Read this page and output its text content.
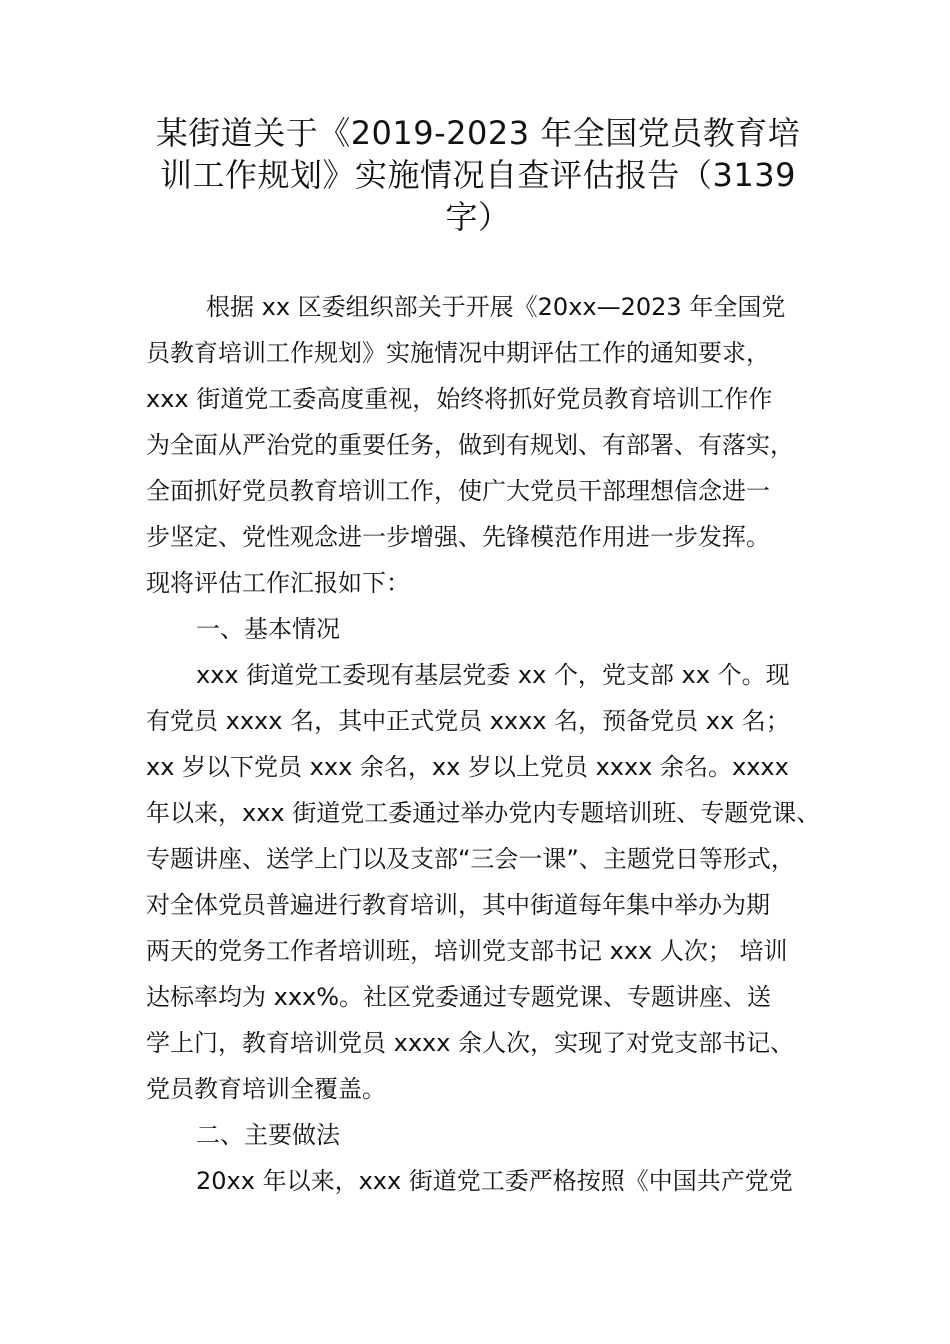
某街道关于《2019-2023 年全国党员教育培
训工作规划》实施情况自查评估报告（3139
字）
根据 xx 区委组织部关于开展《20xx—2023 年全国党
员教育培训工作规划》实施情况中期评估工作的通知要求，
xxx 街道党工委高度重视，始终将抓好党员教育培训工作作
为全面从严治党的重要任务，做到有规划、有部署、有落实，
全面抓好党员教育培训工作，使广大党员干部理想信念进一
步坚定、党性观念进一步增强、先锋模范作用进一步发挥。
现将评估工作汇报如下：
一、基本情况
xxx 街道党工委现有基层党委 xx 个，党支部 xx 个。现
有党员 xxxx 名，其中正式党员 xxxx 名，预备党员 xx 名；
xx 岁以下党员 xxx 余名，xx 岁以上党员 xxxx 余名。xxxx
年以来，xxx 街道党工委通过举办党内专题培训班、专题党课、
专题讲座、送学上门以及支部“三会一课”、主题党日等形式，
对全体党员普遍进行教育培训，其中街道每年集中举办为期
两天的党务工作者培训班，培训党支部书记 xxx 人次； 培训
达标率均为 xxx%。社区党委通过专题党课、专题讲座、送
学上门，教育培训党员 xxxx 余人次，实现了对党支部书记、
党员教育培训全覆盖。
二、主要做法
20xx 年以来，xxx 街道党工委严格按照《中国共产党党
